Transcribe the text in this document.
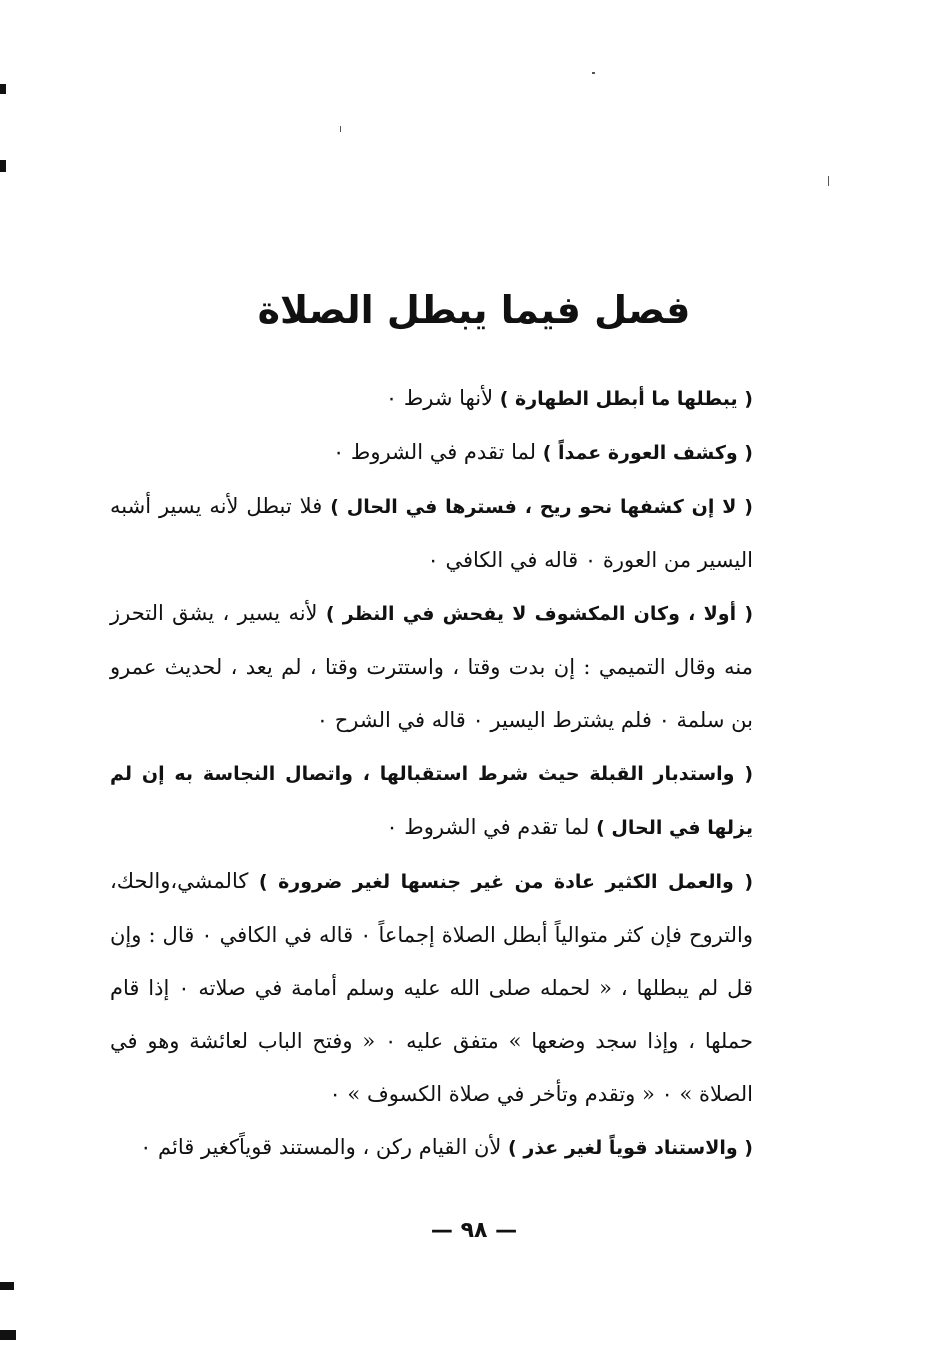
فصل فيما يبطل الصلاة

( يبطلها ما أبطل الطهارة ) لأنها شرط ٠

( وكشف العورة عمداً ) لما تقدم في الشروط ٠

( لا إن كشفها نحو ريح ، فسترها في الحال ) فلا تبطل لأنه يسير أشبه اليسير من العورة ٠ قاله في الكافي ٠

( أولا ، وكان المكشوف لا يفحش في النظر ) لأنه يسير ، يشق التحرز منه وقال التميمي : إن بدت وقتا ، واستترت وقتا ، لم يعد ، لحديث عمرو بن سلمة ٠ فلم يشترط اليسير ٠ قاله في الشرح ٠

( واستدبار القبلة حيث شرط استقبالها ، واتصال النجاسة به إن لم يزلها في الحال ) لما تقدم في الشروط ٠

( والعمل الكثير عادة من غير جنسها لغير ضرورة ) كالمشي،والحك، والتروح فإن كثر متوالياً أبطل الصلاة إجماعاً ٠ قاله في الكافي ٠ قال : وإن قل لم يبطلها ، « لحمله صلى الله عليه وسلم أمامة في صلاته ٠ إذا قام حملها ، وإذا سجد وضعها » متفق عليه ٠ « وفتح الباب لعائشة وهو في الصلاة » ٠ « وتقدم وتأخر في صلاة الكسوف » ٠

( والاستناد قوياً لغير عذر ) لأن القيام ركن ، والمستند قوياًكغير قائم ٠

— ٩٨ —
